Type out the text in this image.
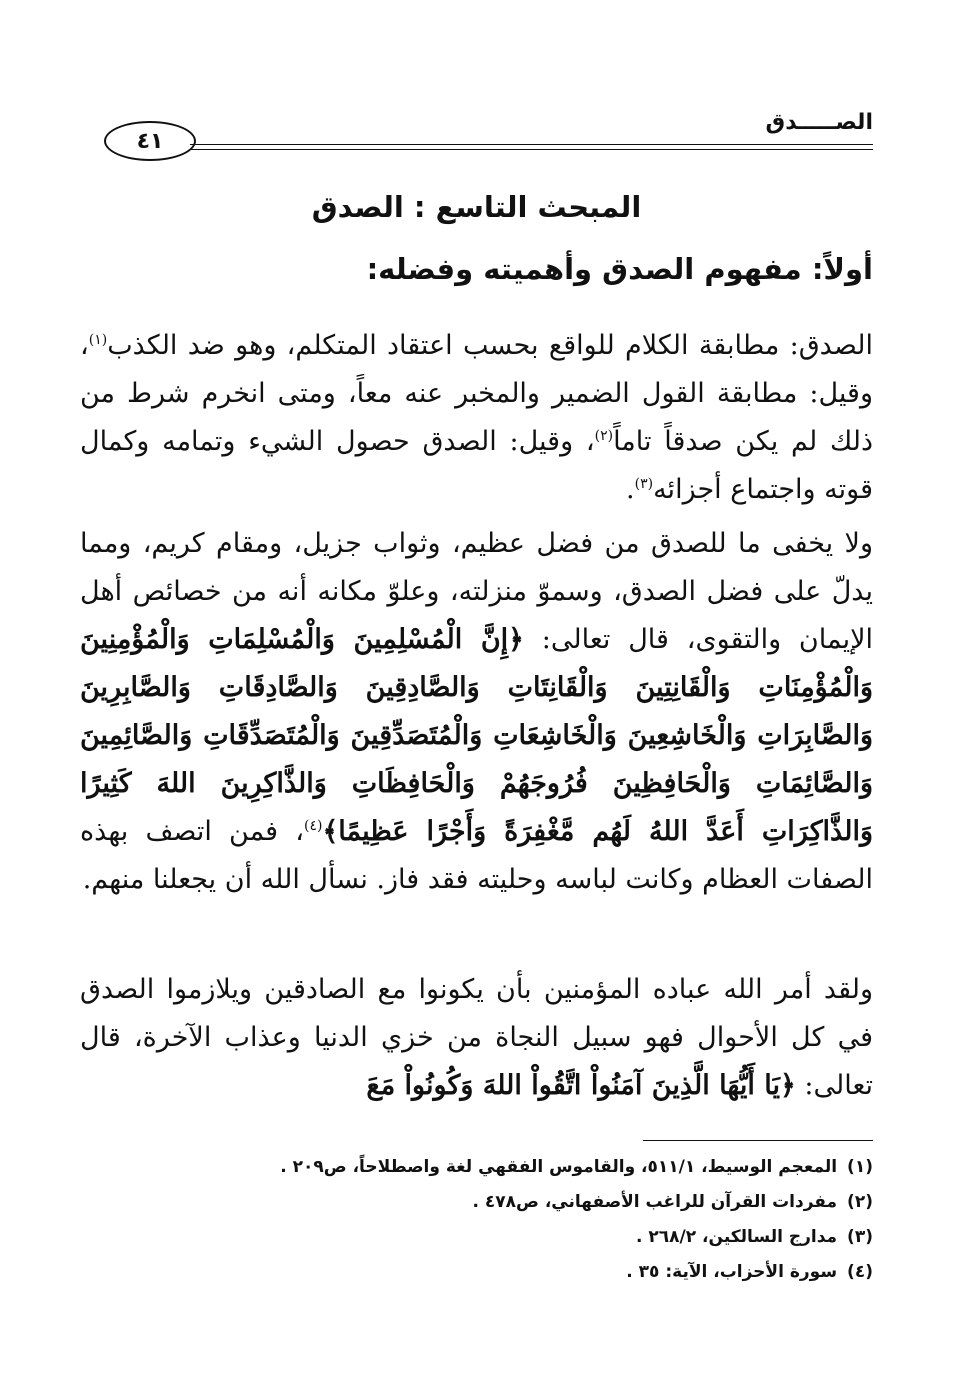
الصـــــدق
٤١
المبحث التاسع : الصدق
أولاً: مفهوم الصدق وأهميته وفضله:

الصدق: مطابقة الكلام للواقع بحسب اعتقاد المتكلم، وهو ضد الكذب$^{(١)}$، وقيل: مطابقة القول الضمير والمخبر عنه معاً، ومتى انخرم شرط من ذلك لم يكن صدقاً تاماً$^{(٢)}$، وقيل: الصدق حصول الشيء وتمامه وكمال قوته واجتماع أجزائه$^{(٣)}$.

ولا يخفى ما للصدق من فضل عظيم، وثواب جزيل، ومقام كريم، ومما يدلّ على فضل الصدق، وسموّ منزلته، وعلوّ مكانه أنه من خصائص أهل الإيمان والتقوى، قال تعالى: ﴿إِنَّ الْمُسْلِمِينَ وَالْمُسْلِمَاتِ وَالْمُؤْمِنِينَ وَالْمُؤْمِنَاتِ وَالْقَانِتِينَ وَالْقَانِتَاتِ وَالصَّادِقِينَ وَالصَّادِقَاتِ وَالصَّابِرِينَ وَالصَّابِرَاتِ وَالْخَاشِعِينَ وَالْخَاشِعَاتِ وَالْمُتَصَدِّقِينَ وَالْمُتَصَدِّقَاتِ وَالصَّائِمِينَ وَالصَّائِمَاتِ وَالْحَافِظِينَ فُرُوجَهُمْ وَالْحَافِظَاتِ وَالذَّاكِرِينَ اللهَ كَثِيرًا وَالذَّاكِرَاتِ أَعَدَّ اللهُ لَهُم مَّغْفِرَةً وَأَجْرًا عَظِيمًا﴾$^{(٤)}$، فمن اتصف بهذه الصفات العظام وكانت لباسه وحليته فقد فاز. نسأل الله أن يجعلنا منهم.

ولقد أمر الله عباده المؤمنين بأن يكونوا مع الصادقين ويلازموا الصدق في كل الأحوال فهو سبيل النجاة من خزي الدنيا وعذاب الآخرة، قال تعالى: ﴿يَا أَيُّهَا الَّذِينَ آمَنُواْ اتَّقُواْ اللهَ وَكُونُواْ مَعَ

(١)المعجم الوسيط، ٥١١/١، والقاموس الفقهي لغة واصطلاحاً، ص٢٠٩ .
(٢)مفردات القرآن للراغب الأصفهاني، ص٤٧٨ .
(٣)مدارج السالكين، ٢٦٨/٢ .
(٤)سورة الأحزاب، الآية: ٣٥ .
